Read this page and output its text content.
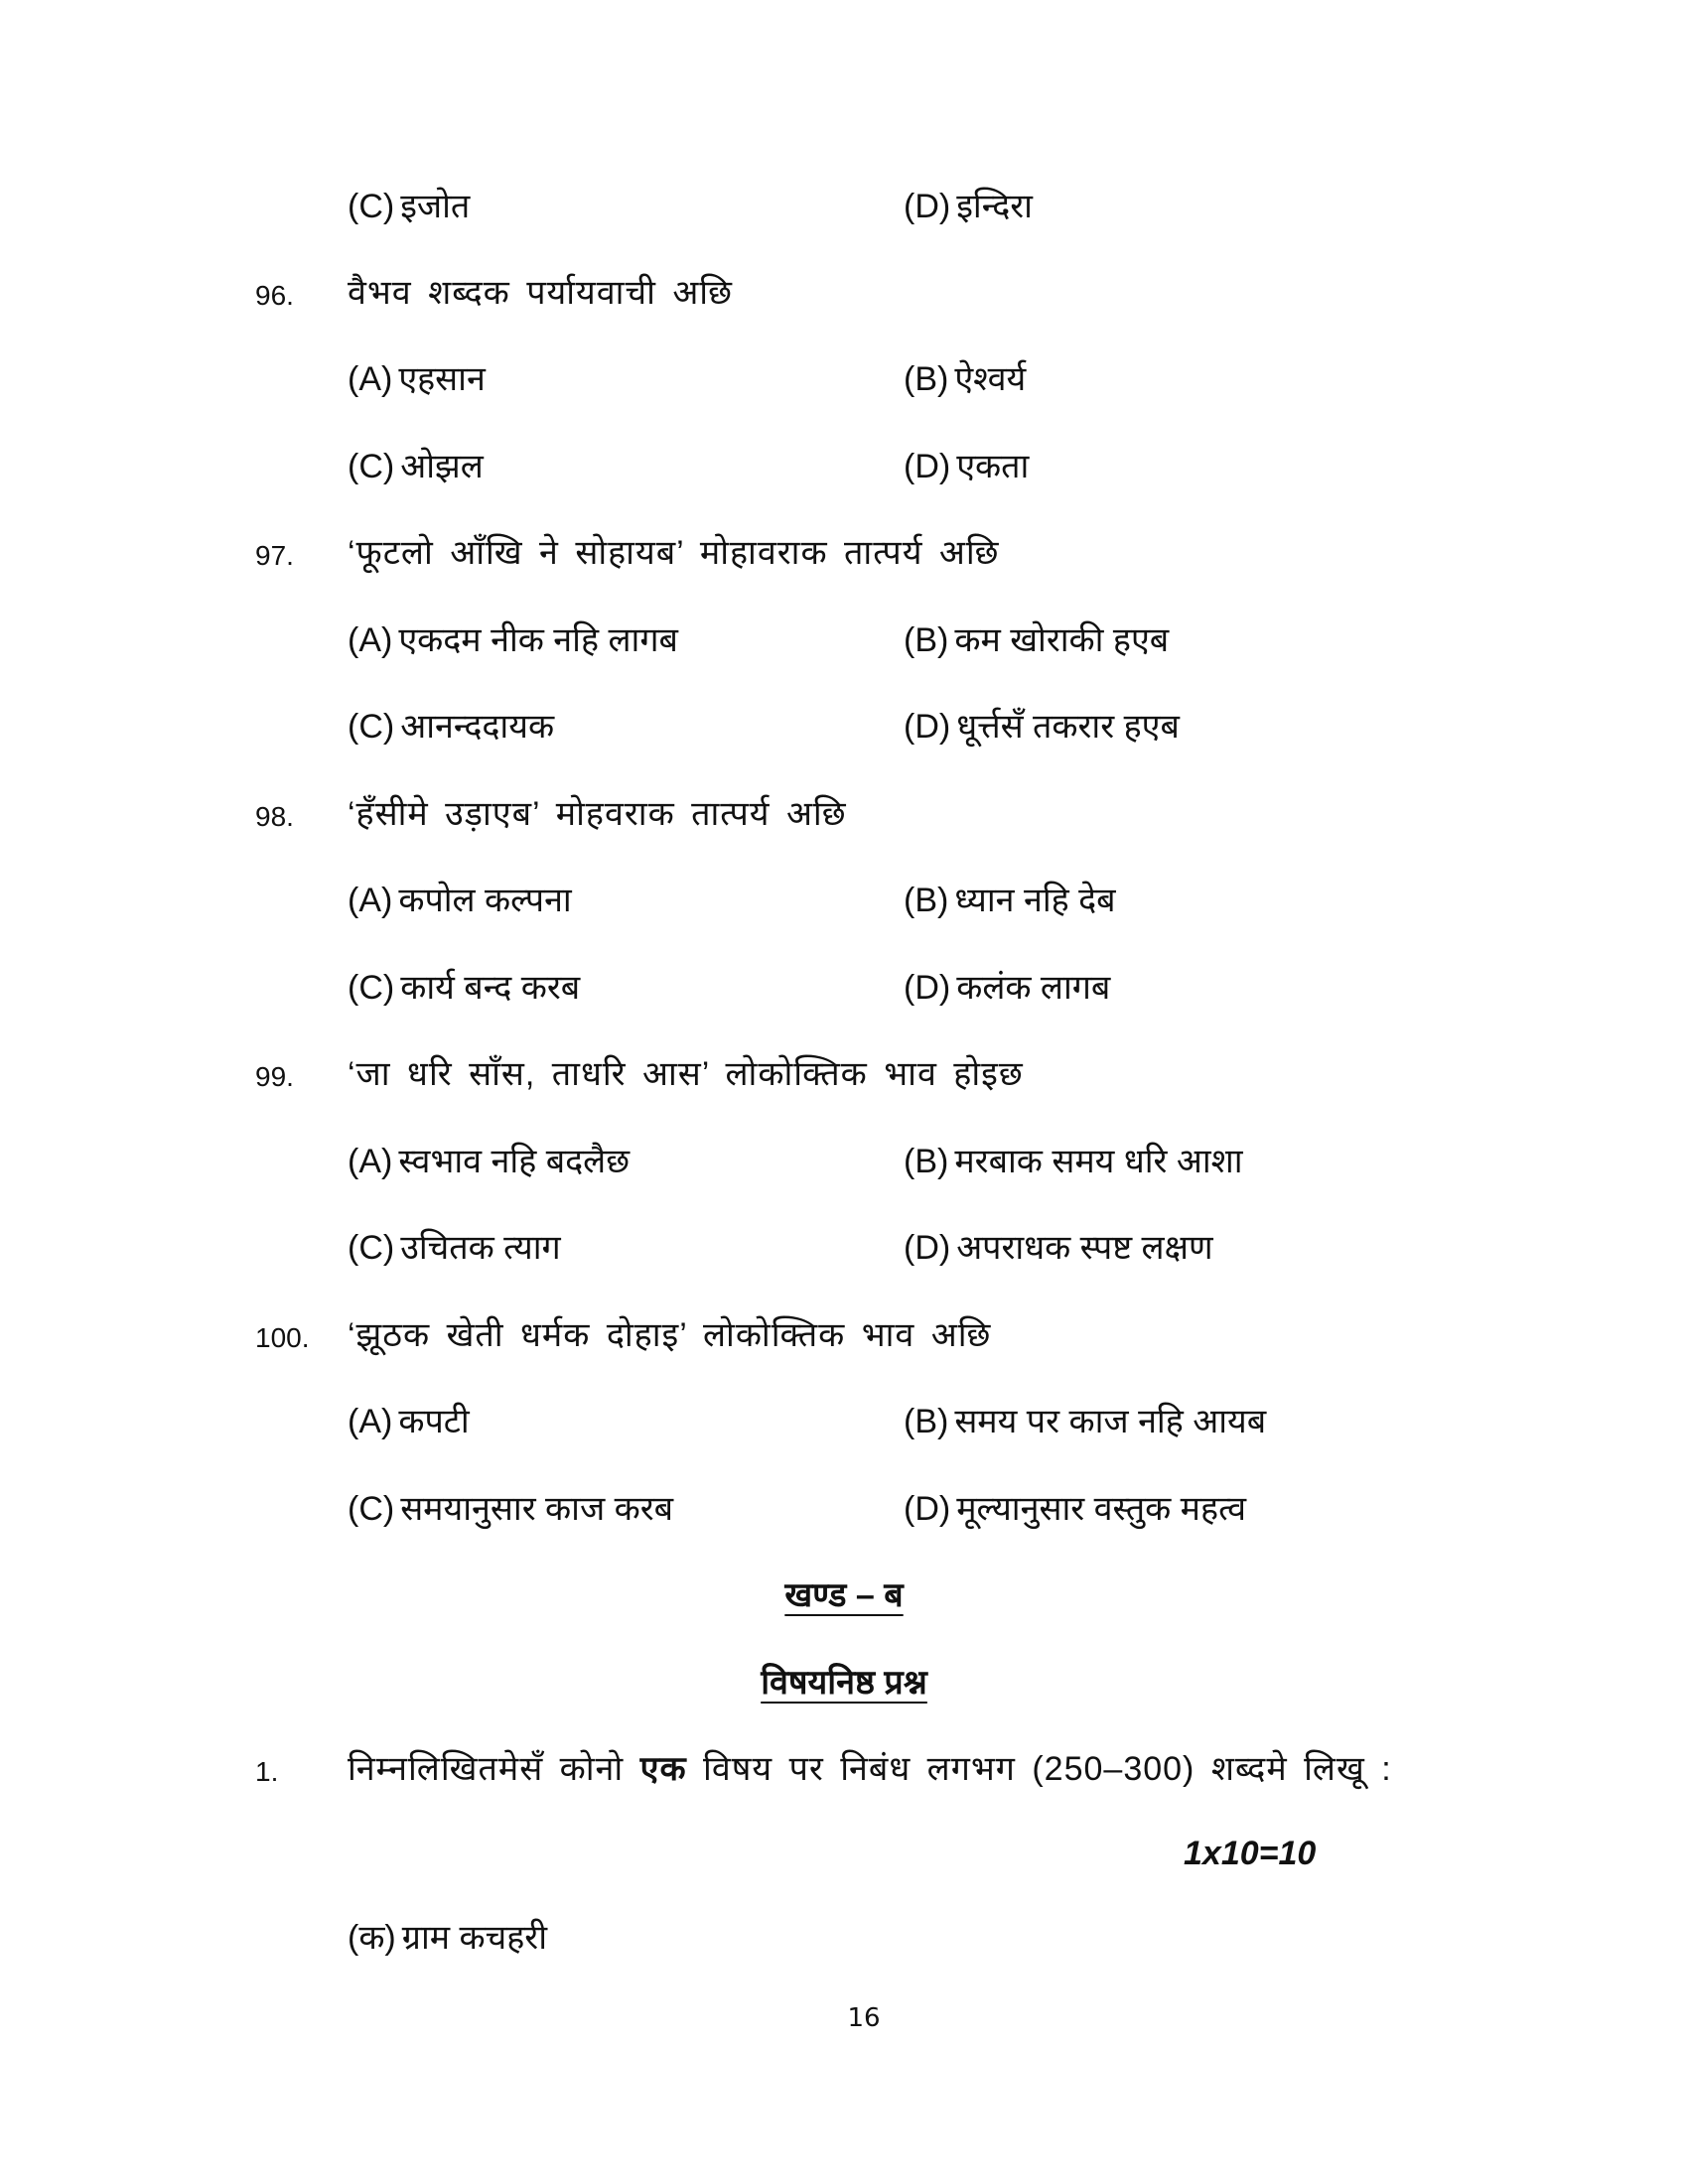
(C) इजोत	(D) इन्दिरा
96. वैभव शब्दक पर्यायवाची अछि
(A) एहसान	(B) ऐश्वर्य
(C) ओझल	(D) एकता
97. ‘फूटलो आँखि ने सोहायब’ मोहावराक तात्पर्य अछि
(A) एकदम नीक नहि लागब	(B) कम खोराकी हएब
(C) आनन्ददायक	(D) धूर्त्तसँ तकरार हएब
98. ‘हँसीमे उड़ाएब’ मोहवराक तात्पर्य अछि
(A) कपोल कल्पना	(B) ध्यान नहि देब
(C) कार्य बन्द करब	(D) कलंक लागब
99. ‘जा धरि साँस, ताधरि आस’ लोकोक्तिक भाव होइछ
(A) स्वभाव नहि बदलैछ	(B) मरबाक समय धरि आशा
(C) उचितक त्याग	(D) अपराधक स्पष्ट लक्षण
100. ‘झूठक खेती धर्मक दोहाइ’ लोकोक्तिक भाव अछि
(A) कपटी	(B) समय पर काज नहि आयब
(C) समयानुसार काज करब	(D) मूल्यानुसार वस्तुक महत्व
खण्ड – ब
विषयनिष्ठ प्रश्न
1. निम्नलिखितमेसँ कोनो एक विषय पर निबंध लगभग (250–300) शब्दमे लिखू :
1x10=10
(क) ग्राम कचहरी
16
